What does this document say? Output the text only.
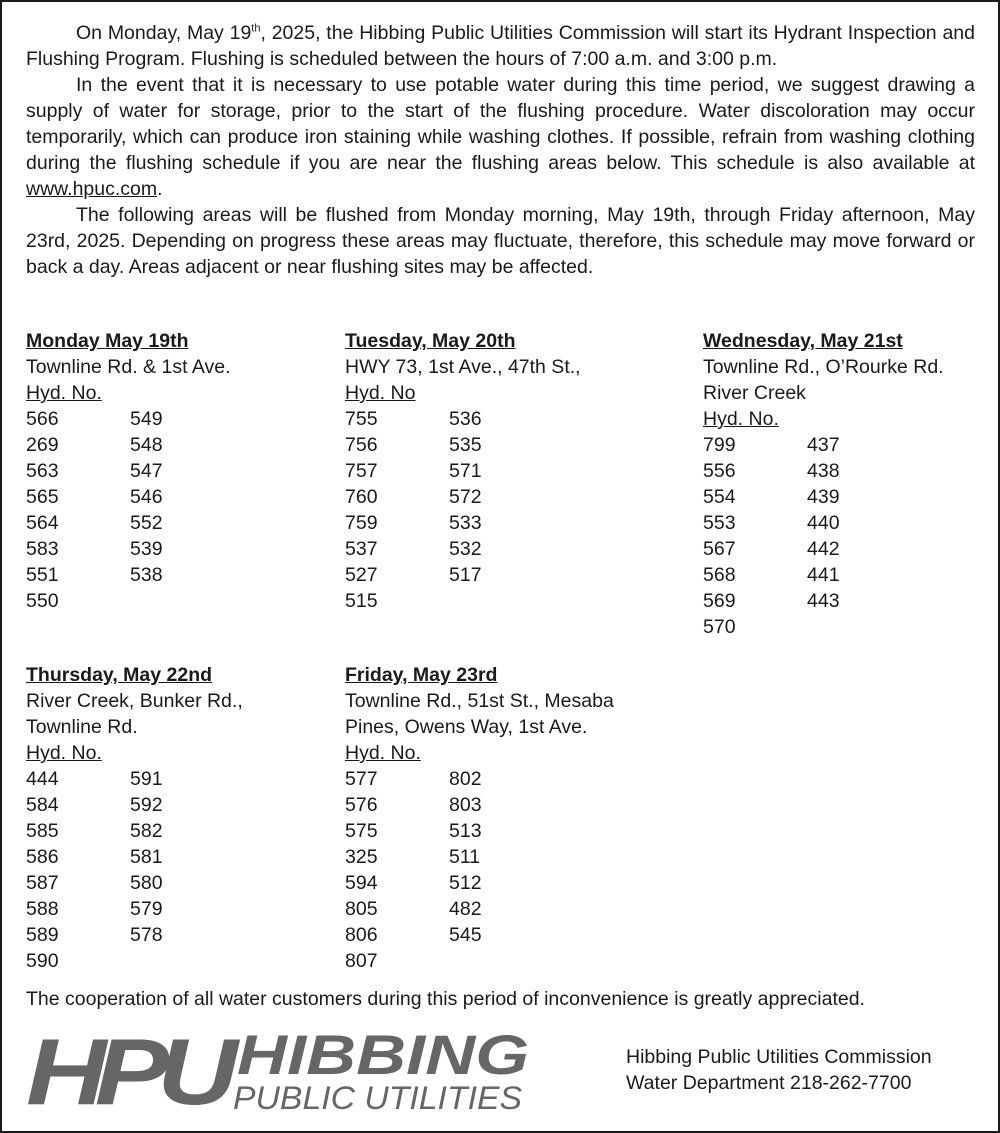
On Monday, May 19th, 2025, the Hibbing Public Utilities Commission will start its Hydrant Inspection and Flushing Program. Flushing is scheduled between the hours of 7:00 a.m. and 3:00 p.m.

In the event that it is necessary to use potable water during this time period, we suggest drawing a supply of water for storage, prior to the start of the flushing procedure. Water discoloration may occur temporarily, which can produce iron staining while washing clothes. If possible, refrain from washing clothing during the flushing schedule if you are near the flushing areas below. This schedule is also available at www.hpuc.com.

The following areas will be flushed from Monday morning, May 19th, through Friday afternoon, May 23rd, 2025. Depending on progress these areas may fluctuate, therefore, this schedule may move forward or back a day. Areas adjacent or near flushing sites may be affected.

Monday May 19th
Townline Rd. & 1st Ave.
Hyd. No.
566	549
269	548
563	547
565	546
564	552
583	539
551	538
550
Tuesday, May 20th
HWY 73, 1st Ave., 47th St.,
Hyd. No
755	536
756	535
757	571
760	572
759	533
537	532
527	517
515
Wednesday, May 21st
Townline Rd., O’Rourke Rd.
River Creek
Hyd. No.
799	437
556	438
554	439
553	440
567	442
568	441
569	443
570
Thursday, May 22nd
River Creek, Bunker Rd.,
Townline Rd.
Hyd. No.
444	591
584	592
585	582
586	581
587	580
588	579
589	578
590
Friday, May 23rd
Townline Rd., 51st St., Mesaba
Pines, Owens Way, 1st Ave.
Hyd. No.
577	802
576	803
575	513
325	511
594	512
805	482
806	545
807
The cooperation of all water customers during this period of inconvenience is greatly appreciated.
HPU
HIBBING
PUBLIC UTILITIES
Hibbing Public Utilities Commission
Water Department 218-262-7700
